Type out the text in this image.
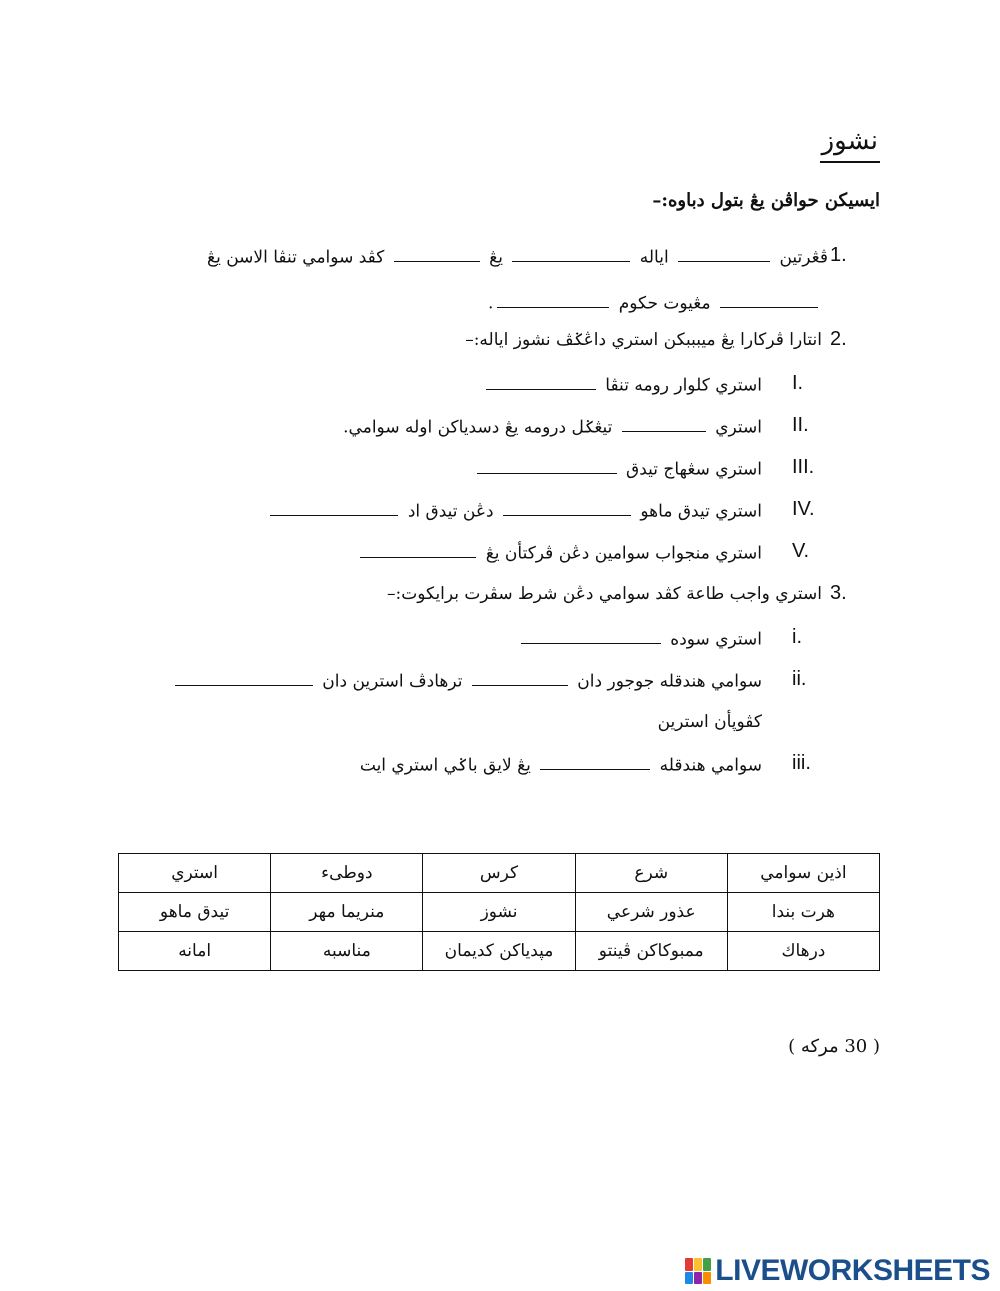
نشوز
ايسيكن حواڤن يڠ بتول دباوه:–
1.
ڤڠرتين  اياله  يڠ  كڤد سوامي تنڤا الاسن يڠ
مڠيوت حكوم .
2.
انتارا ڤركارا يڠ ميبببكن استري داڠݢڤ نشوز اياله:–
I.
استري كلوار رومه تنڤا
II.
استري  تيڠݢل دروم‍ه يڠ دسدياكن اوله سوامي.
III.
استري سڠهاج تيدق
IV.
استري تيدق ماهو  دڠن تيدق اد
V.
استري منجواب سوامين دڠن ڤركتأن يڠ
3.
استري واجب طاعة كڤد سوامي دڠن شرط سڤرت برايكوت:–
i.
استري سوده
ii.
سوامي هندقله جوجور دان  ترهادڤ استرين دان
كڤوڽأن استرين
iii.
سوامي هندقله  يڠ لايق باݢي استري ايت
اذين سوامي	شرع	كرس	دوطىء	استري
هرت بندا	عذور شرعي	نشوز	منريما مهر	تيدق ماهو
درهاك	ممبوكاكن ڤينتو	مپدياكن كديمان	مناسبه	امانه
( 30 مركه )
LIVEWORKSHEETS
